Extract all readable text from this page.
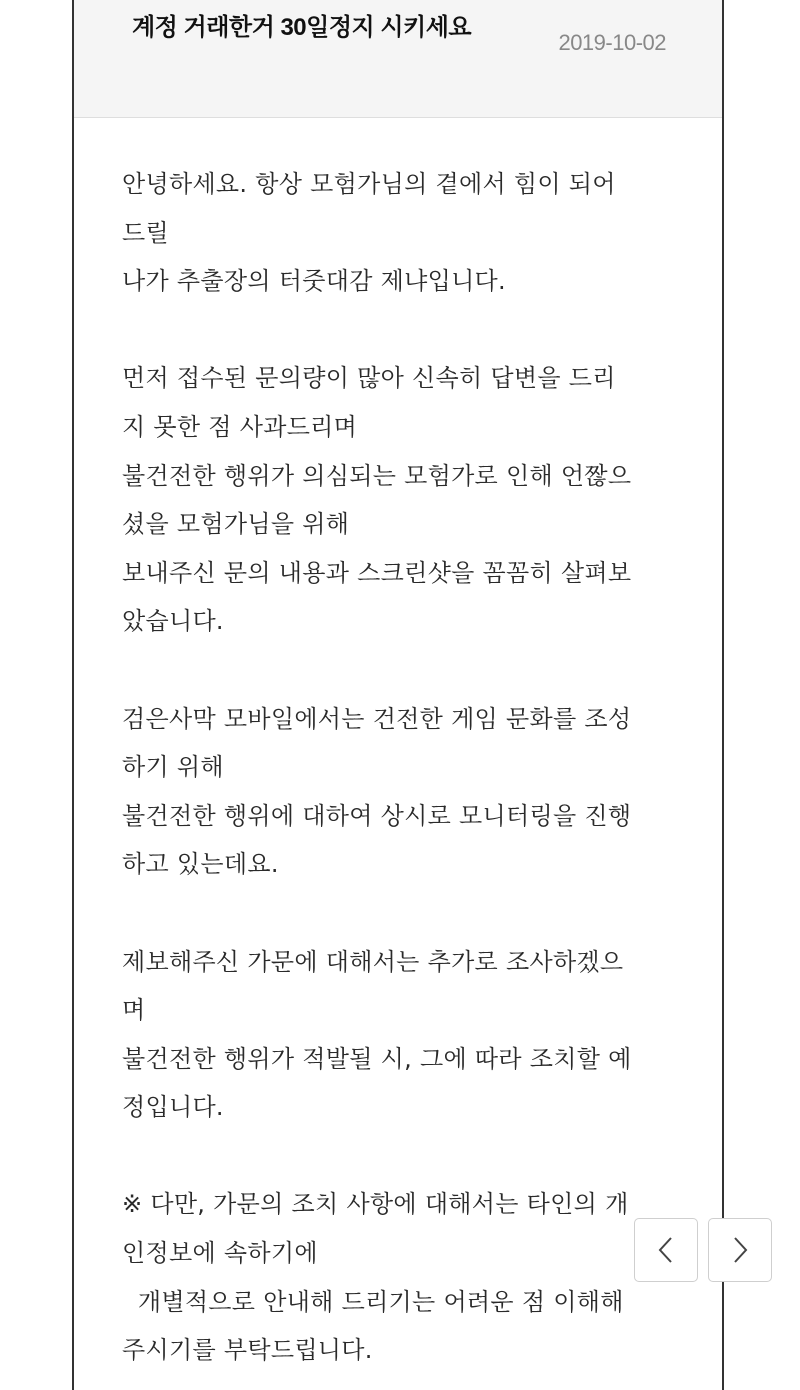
계정 거래한거 30일정지 시키세요
2019-10-02
안녕하세요. 항상 모험가님의 곁에서 힘이 되어
드릴
나가 추출장의 터줏대감 제냐입니다.
먼저 접수된 문의량이 많아 신속히 답변을 드리
지 못한 점 사과드리며
불건전한 행위가 의심되는 모험가로 인해 언짢으
셨을 모험가님을 위해
보내주신 문의 내용과 스크린샷을 꼼꼼히 살펴보
았습니다.
검은사막 모바일에서는 건전한 게임 문화를 조성
하기 위해
불건전한 행위에 대하여 상시로 모니터링을 진행
하고 있는데요.
제보해주신 가문에 대해서는 추가로 조사하겠으
며
불건전한 행위가 적발될 시, 그에 따라 조치할 예
정입니다.
※ 다만, 가문의 조치 사항에 대해서는 타인의 개
인정보에 속하기에
개별적으로 안내해 드리기는 어려운 점 이해해
주시기를 부탁드립니다.
